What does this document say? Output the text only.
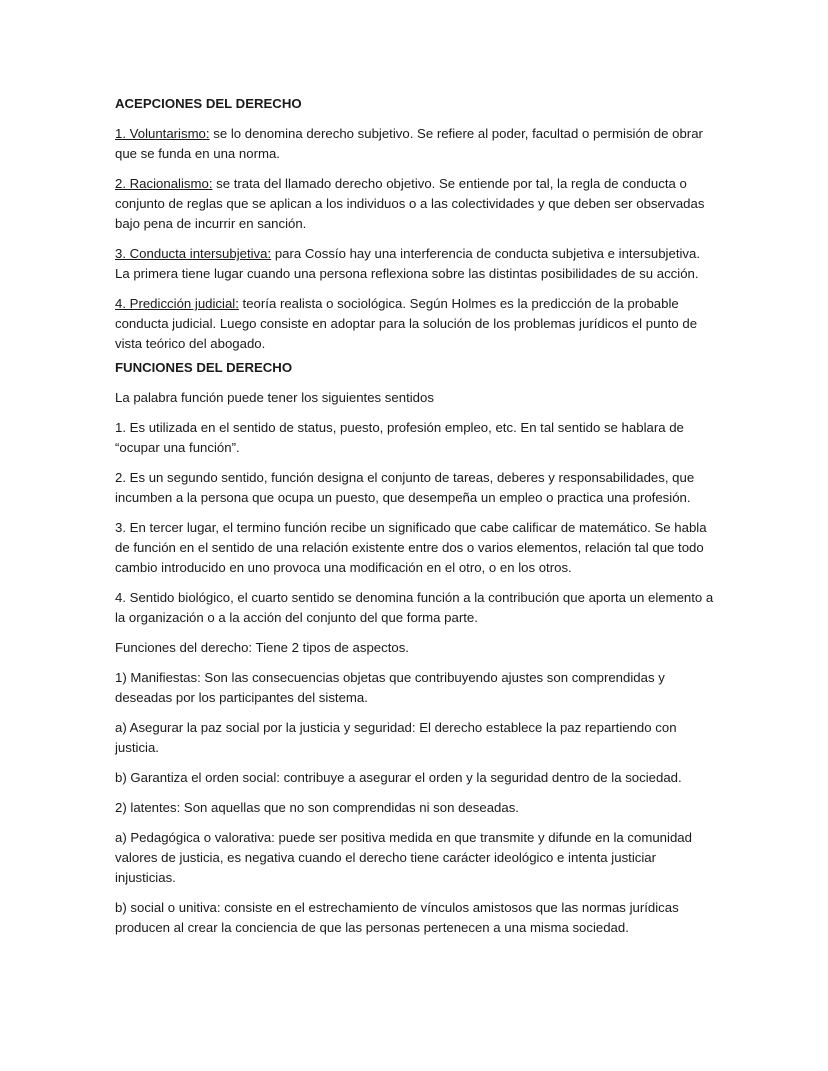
ACEPCIONES DEL DERECHO

1. Voluntarismo: se lo denomina derecho subjetivo. Se refiere al poder, facultad o permisión de obrar que se funda en una norma.

2. Racionalismo: se trata del llamado derecho objetivo. Se entiende por tal, la regla de conducta o conjunto de reglas que se aplican a los individuos o a las colectividades y que deben ser observadas bajo pena de incurrir en sanción.

3. Conducta intersubjetiva: para Cossío hay una interferencia de conducta subjetiva e intersubjetiva. La primera tiene lugar cuando una persona reflexiona sobre las distintas posibilidades de su acción.

4. Predicción judicial: teoría realista o sociológica. Según Holmes es la predicción de la probable conducta judicial. Luego consiste en adoptar para la solución de los problemas jurídicos el punto de vista teórico del abogado.

FUNCIONES DEL DERECHO

La palabra función puede tener los siguientes sentidos

1. Es utilizada en el sentido de status, puesto, profesión empleo, etc. En tal sentido se hablara de “ocupar una función”.

2. Es un segundo sentido, función designa el conjunto de tareas, deberes y responsabilidades, que incumben a la persona que ocupa un puesto, que desempeña un empleo o practica una profesión.

3. En tercer lugar, el termino función recibe un significado que cabe calificar de matemático. Se habla de función en el sentido de una relación existente entre dos o varios elementos, relación tal que todo cambio introducido en uno provoca una modificación en el otro, o en los otros.

4. Sentido biológico, el cuarto sentido se denomina función a la contribución que aporta un elemento a la organización o a la acción del conjunto del que forma parte.

Funciones del derecho: Tiene 2 tipos de aspectos.

1) Manifiestas: Son las consecuencias objetas que contribuyendo ajustes son comprendidas y deseadas por los participantes del sistema.

a) Asegurar la paz social por la justicia y seguridad: El derecho establece la paz repartiendo con justicia.

b) Garantiza el orden social: contribuye a asegurar el orden y la seguridad dentro de la sociedad.

2) latentes: Son aquellas que no son comprendidas ni son deseadas.

a) Pedagógica o valorativa: puede ser positiva medida en que transmite y difunde en la comunidad valores de justicia, es negativa cuando el derecho tiene carácter ideológico e intenta justiciar injusticias.

b) social o unitiva: consiste en el estrechamiento de vínculos amistosos que las normas jurídicas producen al crear la conciencia de que las personas pertenecen a una misma sociedad.
